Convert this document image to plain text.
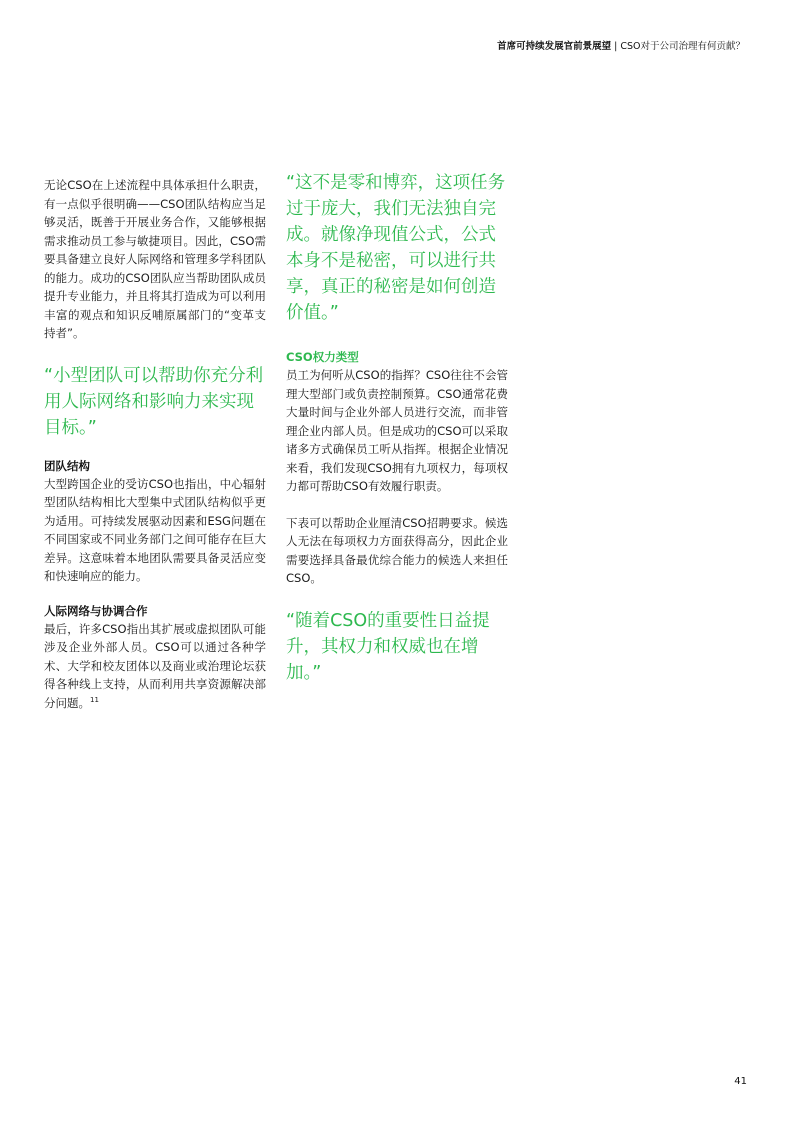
首席可持续发展官前景展望 | CSO对于公司治理有何贡献？

无论CSO在上述流程中具体承担什么职责，有一点似乎很明确——CSO团队结构应当足够灵活，既善于开展业务合作，又能够根据需求推动员工参与敏捷项目。因此，CSO需要具备建立良好人际网络和管理多学科团队的能力。成功的CSO团队应当帮助团队成员提升专业能力，并且将其打造成为可以利用丰富的观点和知识反哺原属部门的“变革支持者”。

“小型团队可以帮助你充分利用人际网络和影响力来实现目标。”

团队结构

大型跨国企业的受访CSO也指出，中心辐射型团队结构相比大型集中式团队结构似乎更为适用。可持续发展驱动因素和ESG问题在不同国家或不同业务部门之间可能存在巨大差异。这意味着本地团队需要具备灵活应变和快速响应的能力。

人际网络与协调合作

最后，许多CSO指出其扩展或虚拟团队可能涉及企业外部人员。CSO可以通过各种学术、大学和校友团体以及商业或治理论坛获得各种线上支持，从而利用共享资源解决部分问题。$^{11}$

“这不是零和博弈，这项任务过于庞大，我们无法独自完成。就像净现值公式，公式本身不是秘密，可以进行共享，真正的秘密是如何创造价值。”

CSO权力类型

员工为何听从CSO的指挥？CSO往往不会管理大型部门或负责控制预算。CSO通常花费大量时间与企业外部人员进行交流，而非管理企业内部人员。但是成功的CSO可以采取诸多方式确保员工听从指挥。根据企业情况来看，我们发现CSO拥有九项权力，每项权力都可帮助CSO有效履行职责。

下表可以帮助企业厘清CSO招聘要求。候选人无法在每项权力方面获得高分，因此企业需要选择具备最优综合能力的候选人来担任CSO。

“随着CSO的重要性日益提升，其权力和权威也在增加。”

41
